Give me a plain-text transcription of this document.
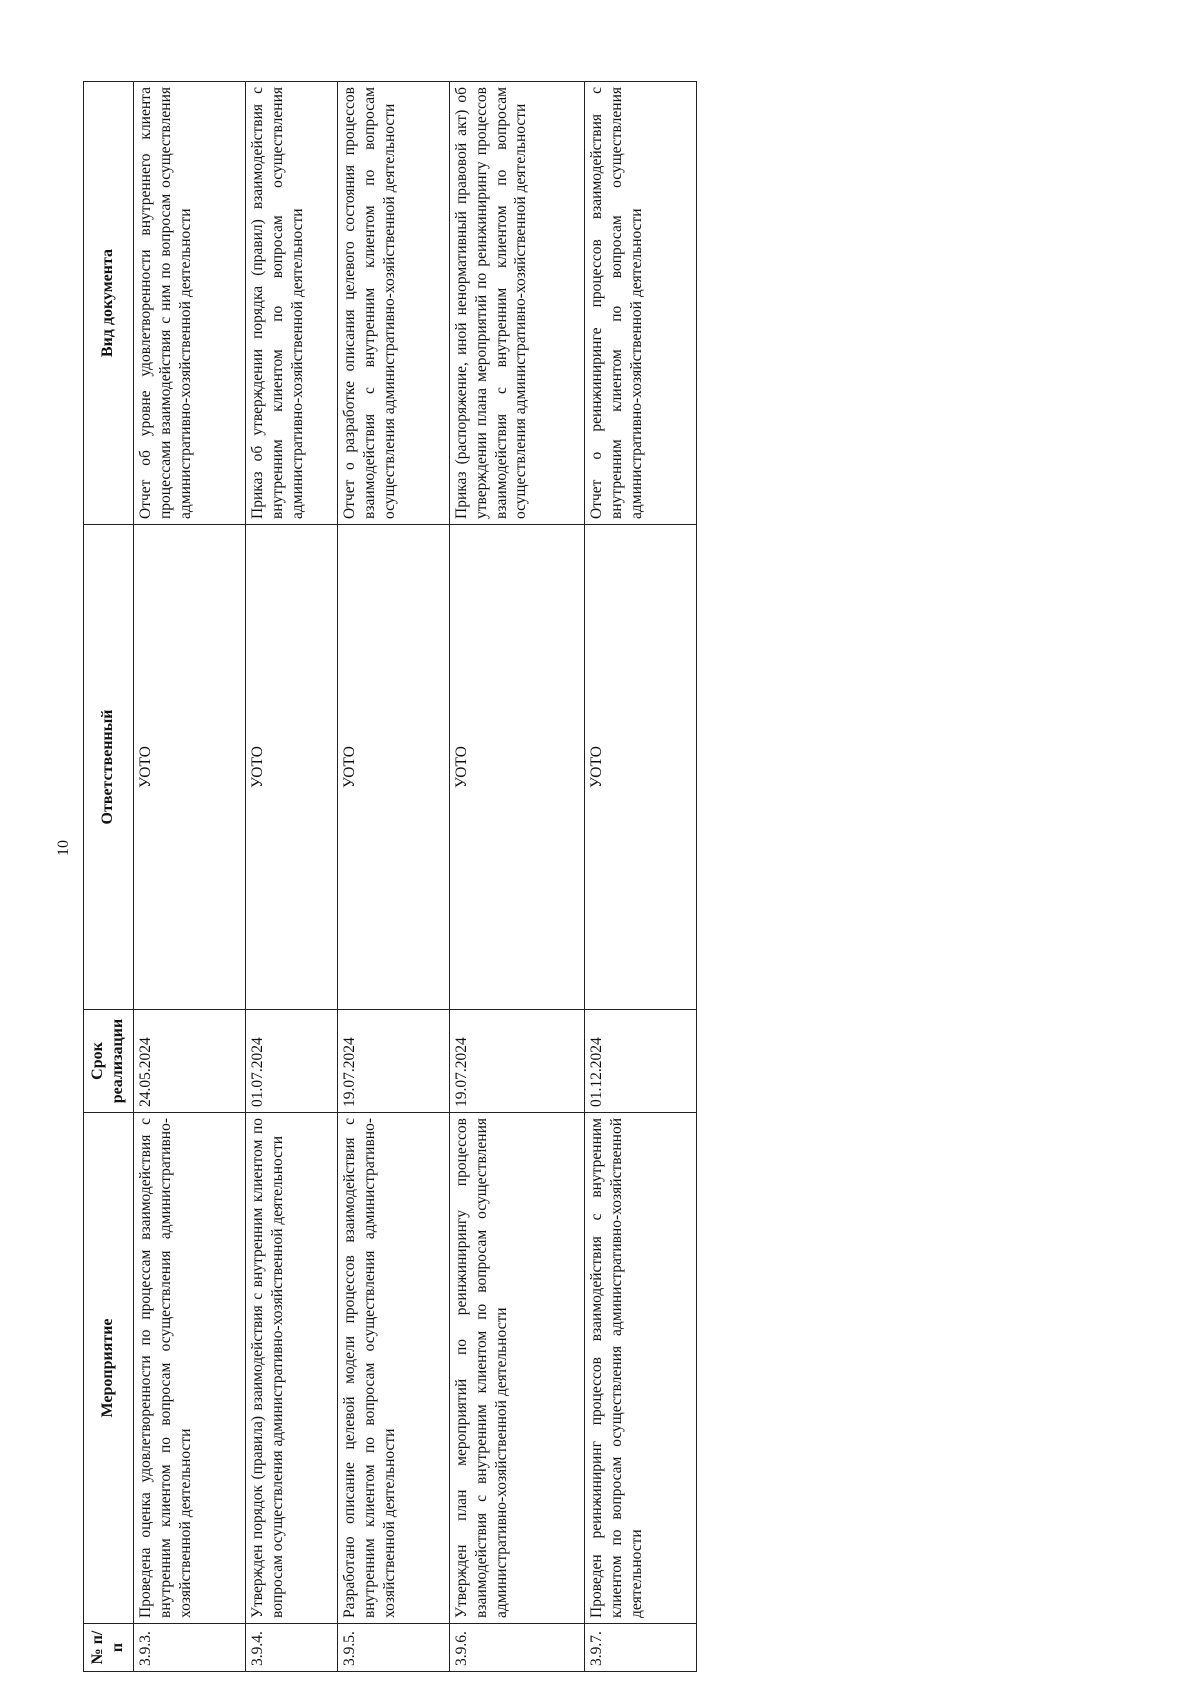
10
№ п/п	Мероприятие	Срок реализации	Ответственный	Вид документа
3.9.3.	Проведена оценка удовлетворенности по процессам взаимодействия с внутренним клиентом по вопросам осуществления административно-хозяйственной деятельности	24.05.2024	УОТО	Отчет об уровне удовлетворенности внутреннего клиента процессами взаимодействия с ним по вопросам осуществления административно-хозяйственной деятельности
3.9.4.	Утвержден порядок (правила) взаимодействия с внутренним клиентом по вопросам осуществления административно-хозяйственной деятельности	01.07.2024	УОТО	Приказ об утверждении порядка (правил) взаимодействия с внутренним клиентом по вопросам осуществления административно-хозяйственной деятельности
3.9.5.	Разработано описание целевой модели процессов взаимодействия с внутренним клиентом по вопросам осуществления административно-хозяйственной деятельности	19.07.2024	УОТО	Отчет о разработке описания целевого состояния процессов взаимодействия с внутренним клиентом по вопросам осуществления административно-хозяйственной деятельности
3.9.6.	Утвержден план мероприятий по реинжинирингу процессов взаимодействия с внутренним клиентом по вопросам осуществления административно-хозяйственной деятельности	19.07.2024	УОТО	Приказ (распоряжение, иной ненормативный правовой акт) об утверждении плана мероприятий по реинжинирингу процессов взаимодействия с внутренним клиентом по вопросам осуществления административно-хозяйственной деятельности
3.9.7.	Проведен реинжиниринг процессов взаимодействия с внутренним клиентом по вопросам осуществления административно-хозяйственной деятельности	01.12.2024	УОТО	Отчет о реинжиниринге процессов взаимодействия с внутренним клиентом по вопросам осуществления административно-хозяйственной деятельности
